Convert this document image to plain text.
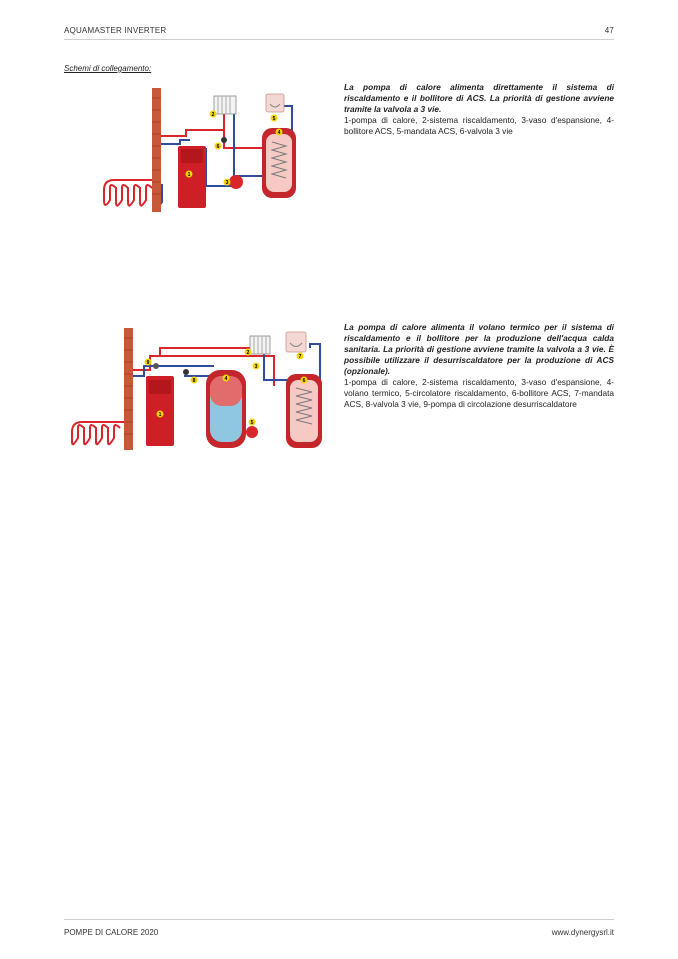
AQUAMASTER INVERTER	47
Schemi di collegamento:
1
2
3
4
5
6
La pompa di calore alimenta direttamente il sistema di riscaldamento e il bollitore di ACS. La priorità di gestione avviene tramite la valvola a 3 vie.
1-pompa di calore, 2-sistema riscaldamento, 3-vaso d'espansione, 4-bollitore ACS, 5-mandata ACS, 6-valvola 3 vie
1
2
3
4
5
6
7
8
9
La pompa di calore alimenta il volano termico per il sistema di riscaldamento e il bollitore per la produzione dell'acqua calda sanitaria. La priorità di gestione avviene tramite la valvola a 3 vie. È possibile utilizzare il desurriscaldatore per la produzione di ACS (opzionale).
1-pompa di calore, 2-sistema riscaldamento, 3-vaso d'espansione, 4-volano termico, 5-circolatore riscaldamento, 6-bollitore ACS, 7-mandata ACS, 8-valvola 3 vie, 9-pompa di circolazione desurriscaldatore
POMPE DI CALORE 2020	www.dynergysrl.it
